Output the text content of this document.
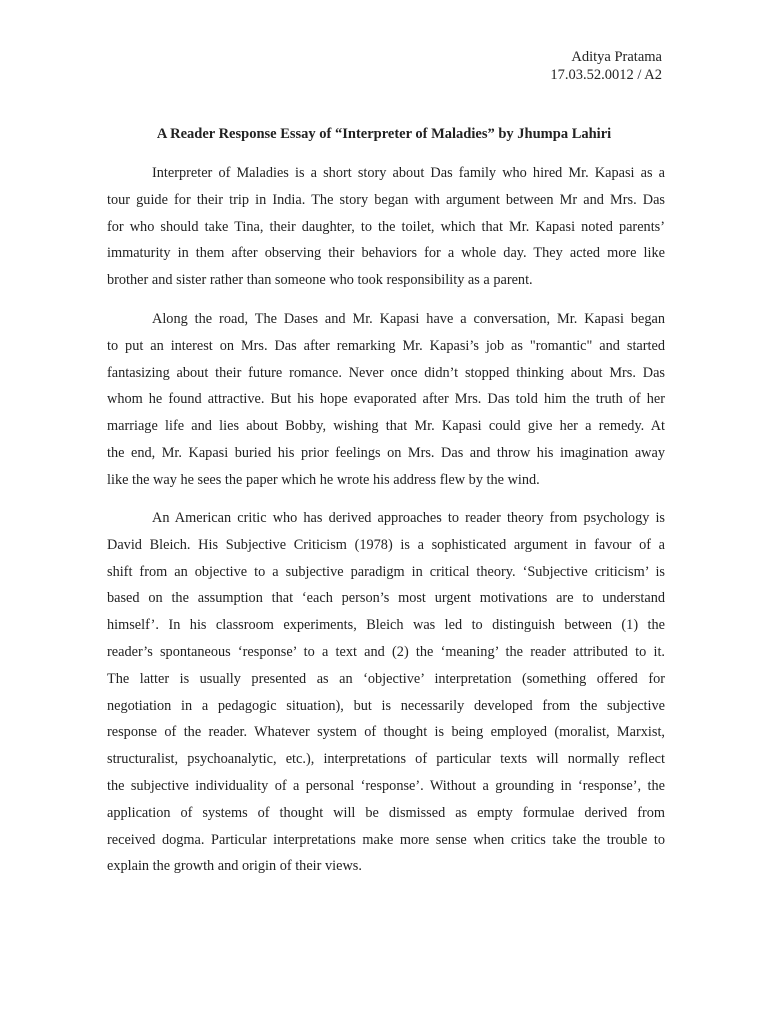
Aditya Pratama
17.03.52.0012 / A2
A Reader Response Essay of “Interpreter of Maladies” by Jhumpa Lahiri
Interpreter of Maladies is a short story about Das family who hired Mr. Kapasi as a
tour guide for their trip in India. The story began with argument between Mr and Mrs. Das
for who should take Tina, their daughter, to the toilet, which that Mr. Kapasi noted parents’
immaturity in them after observing their behaviors for a whole day. They acted more like
brother and sister rather than someone who took responsibility as a parent.
Along the road, The Dases and Mr. Kapasi have a conversation, Mr. Kapasi began
to put an interest on Mrs. Das after remarking Mr. Kapasi’s job as "romantic" and started
fantasizing about their future romance. Never once didn’t stopped thinking about Mrs. Das
whom he found attractive. But his hope evaporated after Mrs. Das told him the truth of her
marriage life and lies about Bobby, wishing that Mr. Kapasi could give her a remedy. At
the end, Mr. Kapasi buried his prior feelings on Mrs. Das and throw his imagination away
like the way he sees the paper which he wrote his address flew by the wind.
An American critic who has derived approaches to reader theory from psychology is
David Bleich. His Subjective Criticism (1978) is a sophisticated argument in favour of a
shift from an objective to a subjective paradigm in critical theory. ‘Subjective criticism’ is
based on the assumption that ‘each person’s most urgent motivations are to understand
himself’. In his classroom experiments, Bleich was led to distinguish between (1) the
reader’s spontaneous ‘response’ to a text and (2) the ‘meaning’ the reader attributed to it.
The latter is usually presented as an ‘objective’ interpretation (something offered for
negotiation in a pedagogic situation), but is necessarily developed from the subjective
response of the reader. Whatever system of thought is being employed (moralist, Marxist,
structuralist, psychoanalytic, etc.), interpretations of particular texts will normally reflect
the subjective individuality of a personal ‘response’. Without a grounding in ‘response’, the
application of systems of thought will be dismissed as empty formulae derived from
received dogma. Particular interpretations make more sense when critics take the trouble to
explain the growth and origin of their views.
